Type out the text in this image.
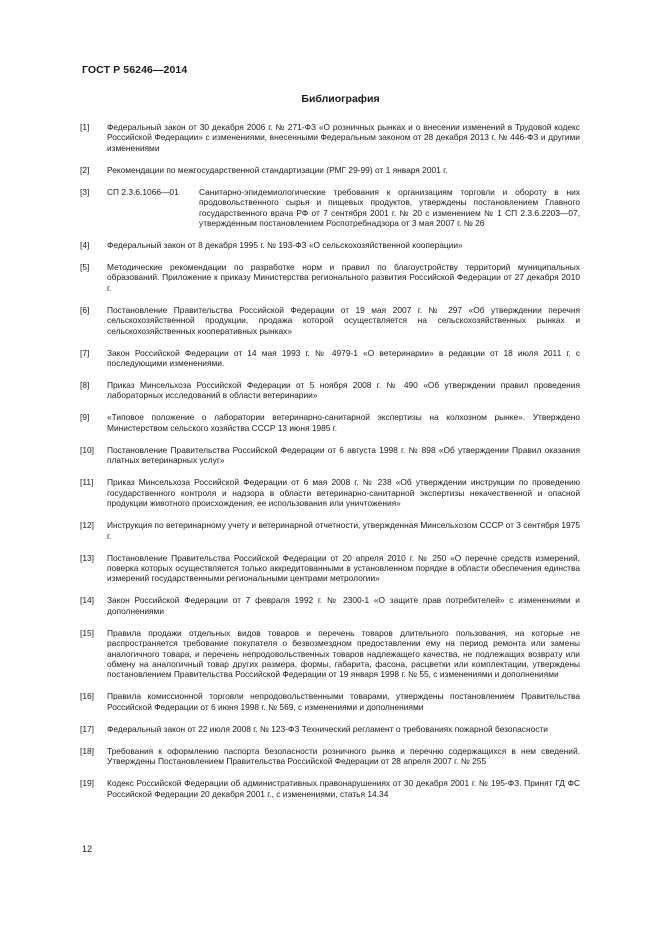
ГОСТ Р 56246—2014
Библиография
[1]	Федеральный закон от 30 декабря 2006 г. № 271-ФЗ «О розничных рынках и о внесении изменений в Трудовой кодекс Российской Федерации» с изменениями, внесенными Федеральным законом от 28 декабря 2013 г. № 446-ФЗ и другими изменениями
[2]	Рекомендации по межгосударственной стандартизации (РМГ 29-99) от 1 января 2001 г.
[3]	СП 2.3.6.1066—01	Санитарно-эпидемиологические требования к организациям торговли и обороту в них продовольственного сырья и пищевых продуктов, утверждены постановлением Главного государственного врача РФ от 7 сентября 2001 г. № 20 с изменением № 1 СП 2.3.6.2203—07, утвержденным постановлением Роспотребнадзора от 3 мая 2007 г. № 26
[4]	Федеральный закон от 8 декабря 1995 г. № 193-ФЗ «О сельскохозяйственной кооперации»
[5]	Методические рекомендации по разработке норм и правил по благоустройству территорий муниципальных образований. Приложение к приказу Министерства регионального развития Российской Федерации от 27 декабря 2010 г.
[6]	Постановление Правительства Российской Федерации от 19 мая 2007 г. № 297 «Об утверждении перечня сельскохозяйственной продукции, продажа которой осуществляется на сельскохозяйственных рынках и сельскохозяйственных кооперативных рынках»
[7]	Закон Российской Федерации от 14 мая 1993 г. № 4979-1 «О ветеринарии» в редакции от 18 июля 2011 г. с последующими изменениями.
[8]	Приказ Минсельхоза Российской Федерации от 5 ноября 2008 г. № 490 «Об утверждении правил проведения лабораторных исследований в области ветеринарии»
[9]	«Типовое положение о лаборатории ветеринарно-санитарной экспертизы на колхозном рынке». Утверждено Министерством сельского хозяйства СССР 13 июня 1985 г.
[10]	Постановление Правительства Российской Федерации от 6 августа 1998 г. № 898 «Об утверждении Правил оказания платных ветеринарных услуг»
[11]	Приказ Минсельхоза Российской Федерации от 6 мая 2008 г. № 238 «Об утверждении инструкции по проведению государственного контроля и надзора в области ветеринарно-санитарной экспертизы некачественной и опасной продукции животного происхождения, ее использования или уничтожения»
[12]	Инструкция по ветеринарному учету и ветеринарной отчетности, утвержденная Минсельхозом СССР от 3 сентября 1975 г.
[13]	Постановление Правительства Российской Федерации от 20 апреля 2010 г. № 250 «О перечне средств измерений, поверка которых осуществляется только аккредитованными в установленном порядке в области обеспечения единства измерений государственными региональными центрами метрологии»
[14]	Закон Российской Федерации от 7 февраля 1992 г. № 2300-1 «О защите прав потребителей» с изменениями и дополнениями
[15]	Правила продажи отдельных видов товаров и перечень товаров длительного пользования, на которые не распространяется требование покупателя о безвозмездном предоставлении ему на период ремонта или замены аналогичного товара, и перечень непродовольственных товаров надлежащего качества, не подлежащих возврату или обмену на аналогичный товар других размера, формы, габарита, фасона, расцветки или комплектации, утверждены постановлением Правительства Российской Федерации от 19 января 1998 г. № 55, с изменениями и дополнениями
[16]	Правила комиссионной торговли непродовольственными товарами, утверждены постановлением Правительства Российской Федерации от 6 июня 1998 г. № 569, с изменениями и дополнениями
[17]	Федеральный закон от 22 июля 2008 г. № 123-ФЗ Технический регламент о требованиях пожарной безопасности
[18]	Требования к оформлению паспорта безопасности розничного рынка и перечню содержащихся в нем сведений. Утверждены Постановлением Правительства Российской Федерации от 28 апреля 2007 г. № 255
[19]	Кодекс Российской Федерации об административных правонарушениях от 30 декабря 2001 г. № 195-ФЗ. Принят ГД ФС Российской Федерации 20 декабря 2001 г., с изменениями, статья 14.34
12
